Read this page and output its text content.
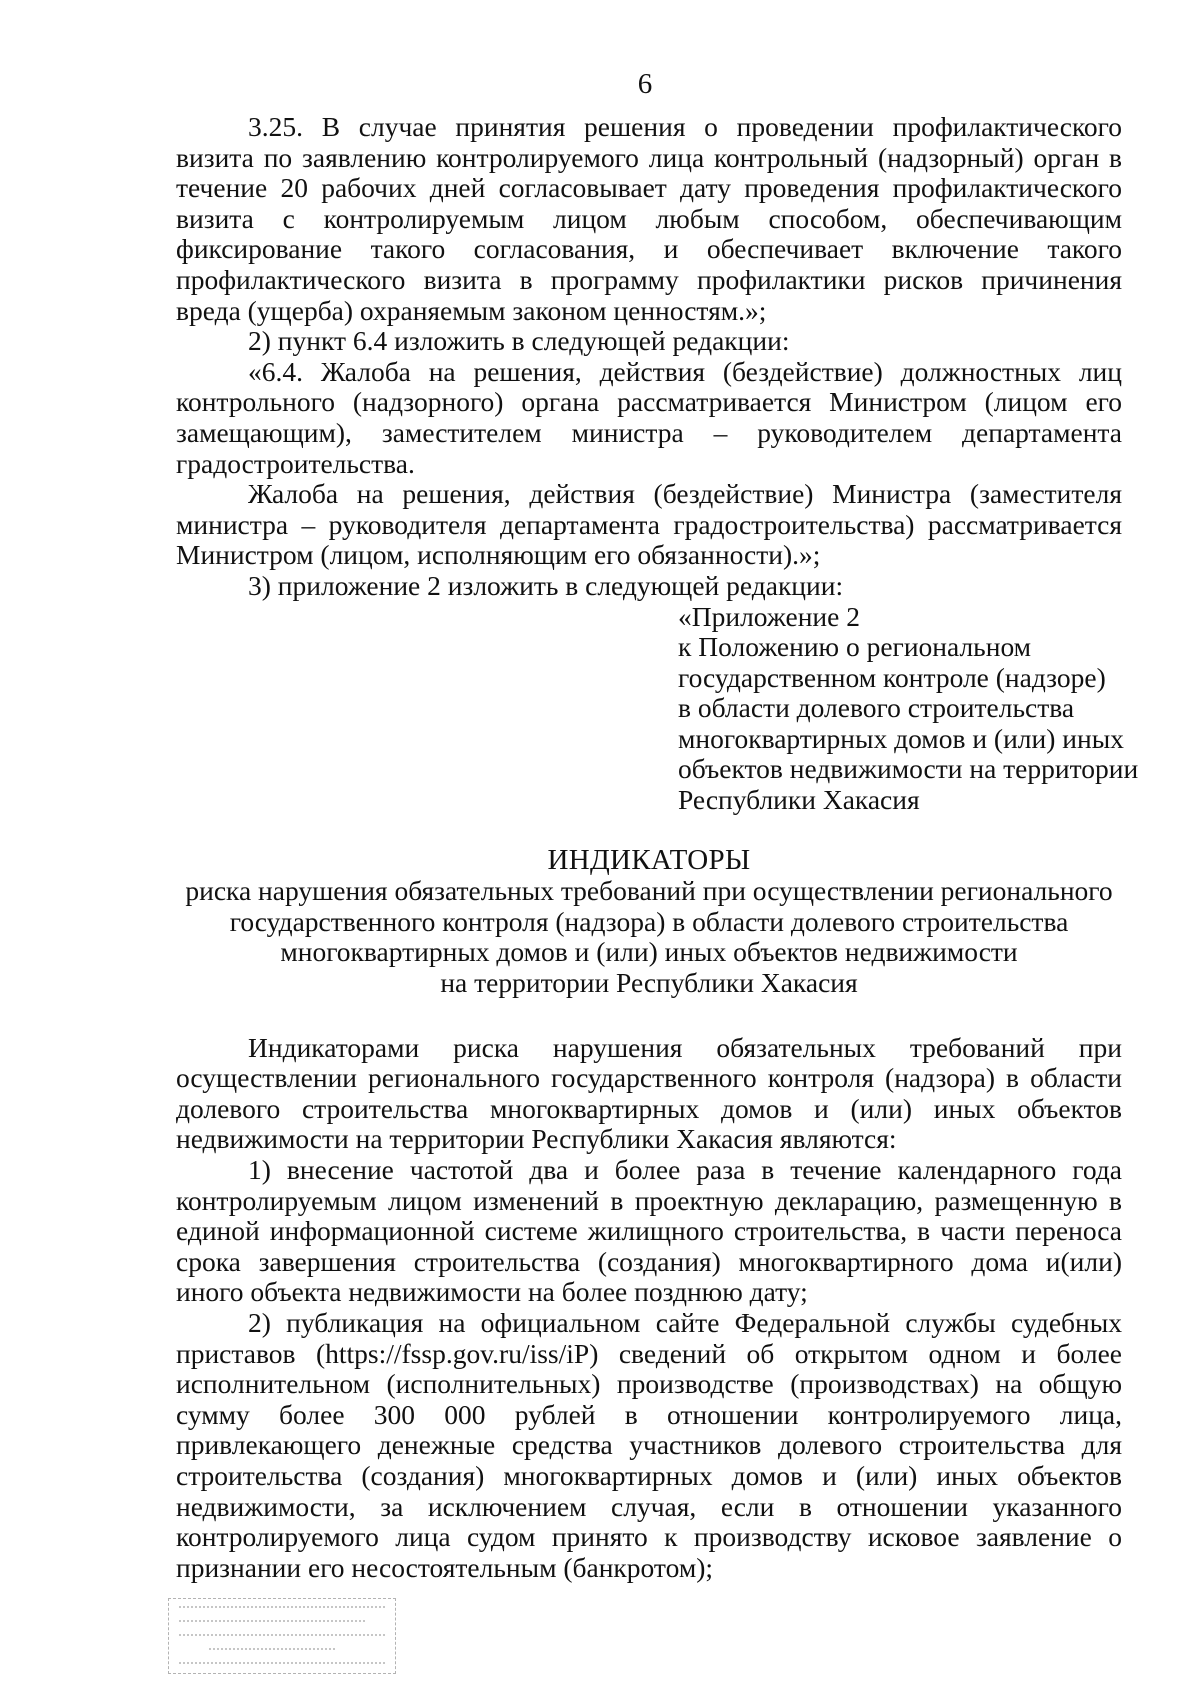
6

3.25. В случае принятия решения о проведении профилактического визита по заявлению контролируемого лица контрольный (надзорный) орган в течение 20 рабочих дней согласовывает дату проведения профилактического визита с контролируемым лицом любым способом, обеспечивающим фиксирование такого согласования, и обеспечивает включение такого профилактического визита в программу профилактики рисков причинения вреда (ущерба) охраняемым законом ценностям.»;

2) пункт 6.4 изложить в следующей редакции:

«6.4. Жалоба на решения, действия (бездействие) должностных лиц контрольного (надзорного) органа рассматривается Министром (лицом его замещающим), заместителем министра – руководителем департамента градостроительства.

Жалоба на решения, действия (бездействие) Министра (заместителя министра – руководителя департамента градостроительства) рассматривается Министром (лицом, исполняющим его обязанности).»;

3) приложение 2 изложить в следующей редакции:

«Приложение 2
к Положению о региональном
государственном контроле (надзоре)
в области долевого строительства
многоквартирных домов и (или) иных
объектов недвижимости на территории
Республики Хакасия
ИНДИКАТОРЫ
риска нарушения обязательных требований при осуществлении регионального
государственного контроля (надзора) в области долевого строительства
многоквартирных домов и (или) иных объектов недвижимости
на территории Республики Хакасия

Индикаторами риска нарушения обязательных требований при осуществлении регионального государственного контроля (надзора) в области долевого строительства многоквартирных домов и (или) иных объектов недвижимости на территории Республики Хакасия являются:

1) внесение частотой два и более раза в течение календарного года контролируемым лицом изменений в проектную декларацию, размещенную в единой информационной системе жилищного строительства, в части переноса срока завершения строительства (создания) многоквартирного дома и(или) иного объекта недвижимости на более позднюю дату;

2) публикация на официальном сайте Федеральной службы судебных приставов (https://fssp.gov.ru/iss/iP) сведений об открытом одном и более исполнительном (исполнительных) производстве (производствах) на общую сумму более 300 000 рублей в отношении контролируемого лица, привлекающего денежные средства участников долевого строительства для строительства (создания) многоквартирных домов и (или) иных объектов недвижимости, за исключением случая, если в отношении указанного контролируемого лица судом принято к производству исковое заявление о признании его несостоятельным (банкротом);
